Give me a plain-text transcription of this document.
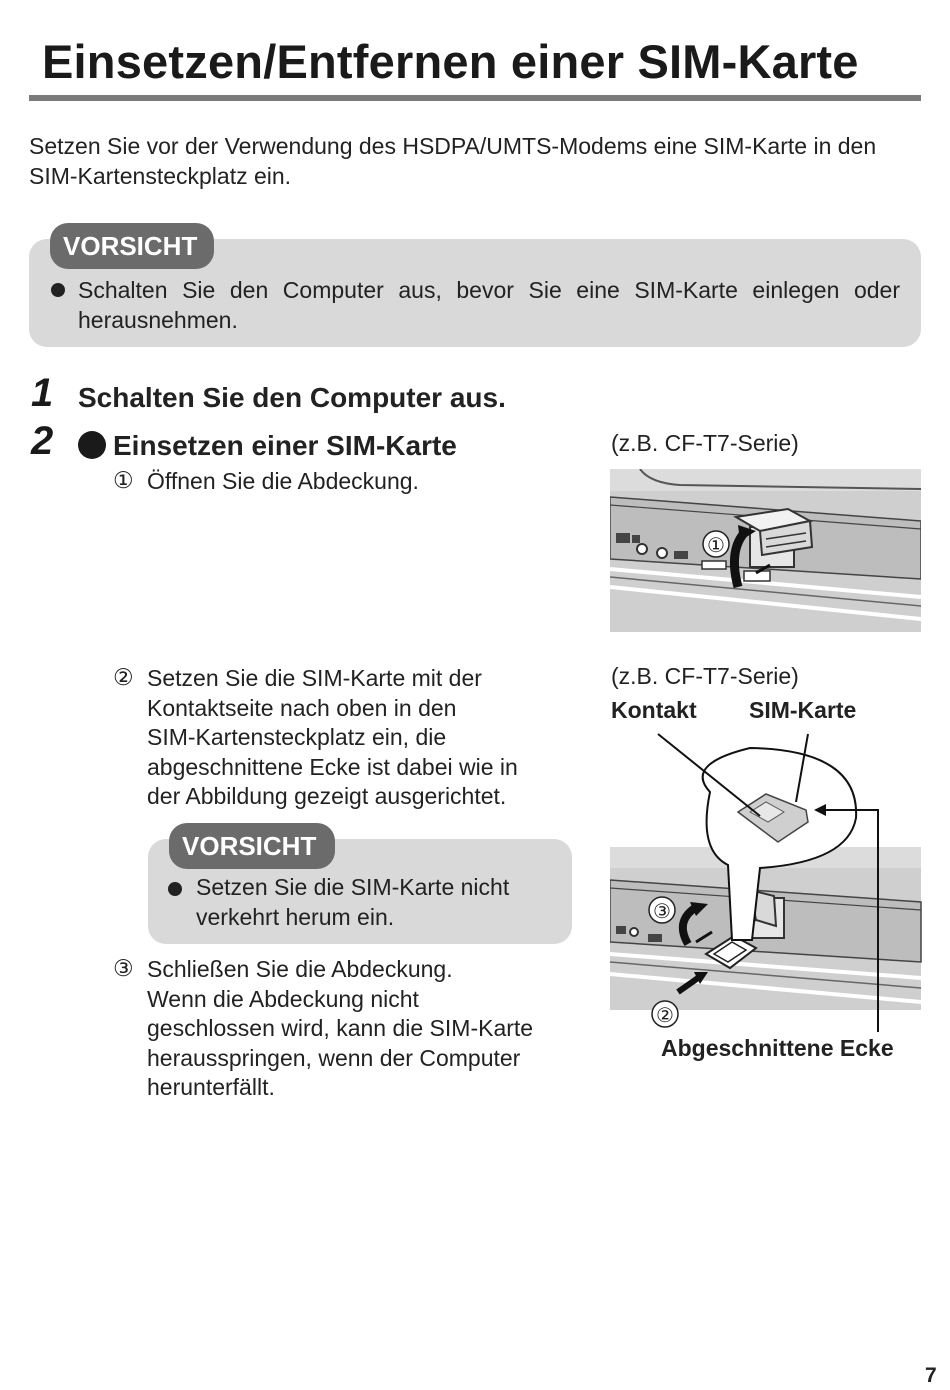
Einsetzen/Entfernen einer SIM-Karte
Setzen Sie vor der Verwendung des HSDPA/UMTS-Modems eine SIM-Karte in den SIM-Kartensteckplatz ein.
VORSICHT
Schalten Sie den Computer aus, bevor Sie eine SIM-Karte einlegen oder herausnehmen.
1 Schalten Sie den Computer aus.
2 Einsetzen einer SIM-Karte
① Öffnen Sie die Abdeckung.
② Setzen Sie die SIM-Karte mit der
Kontaktseite nach oben in den
SIM-Kartensteckplatz ein, die
abgeschnittene Ecke ist dabei wie in
der Abbildung gezeigt ausgerichtet.
VORSICHT
Setzen Sie die SIM-Karte nicht
verkehrt herum ein.
③ Schließen Sie die Abdeckung.
Wenn die Abdeckung nicht
geschlossen wird, kann die SIM-Karte
herausspringen, wenn der Computer
herunterfällt.
(z.B. CF-T7-Serie)
(z.B. CF-T7-Serie)
①
Kontakt SIM-Karte
③
②
Abgeschnittene Ecke
7
